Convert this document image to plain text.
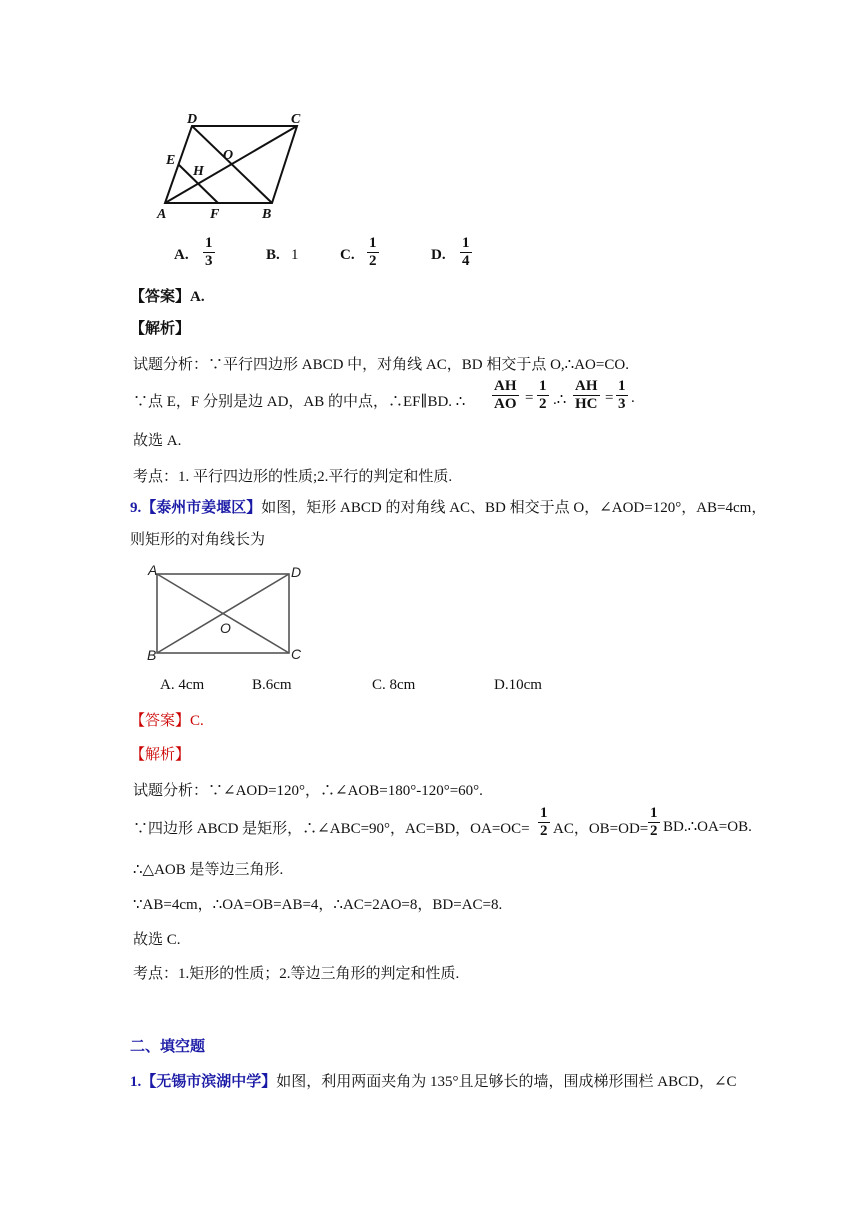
D	C
E
H
O
A	F	B
A. $\frac{1}{3}$	B. 1	C. $\frac{1}{2}$	D. $\frac{1}{4}$
【答案】A.
【解析】
试题分析：∵平行四边形 ABCD 中，对角线 AC，BD 相交于点 O,∴AO=CO.
∵点 E，F 分别是边 AD，AB 的中点，∴EF∥BD. ∴ $\frac{AH}{AO} = \frac{1}{2}$ .∴ $\frac{AH}{HC} = \frac{1}{3}$ .
故选 A.
考点：1. 平行四边形的性质;2.平行的判定和性质.
9.【泰州市姜堰区】如图，矩形 ABCD 的对角线 AC、BD 相交于点 O，∠AOD=120°，AB=4cm，
则矩形的对角线长为
A	D
O
B	C
A. 4cm	B.6cm	C. 8cm	D.10cm
【答案】C.
【解析】
试题分析：∵∠AOD=120°，∴∠AOB=180°-120°=60°.
∵四边形 ABCD 是矩形，∴∠ABC=90°，AC=BD，$OA=OC= \frac{1}{2}$ AC，$OB=OD= \frac{1}{2}$ BD.∴OA=OB.
∴△AOB 是等边三角形.
∵AB=4cm，∴OA=OB=AB=4，∴AC=2AO=8，BD=AC=8.
故选 C.
考点：1.矩形的性质；2.等边三角形的判定和性质.
二、填空题
1.【无锡市滨湖中学】如图，利用两面夹角为 135°且足够长的墙，围成梯形围栏 ABCD，∠C
